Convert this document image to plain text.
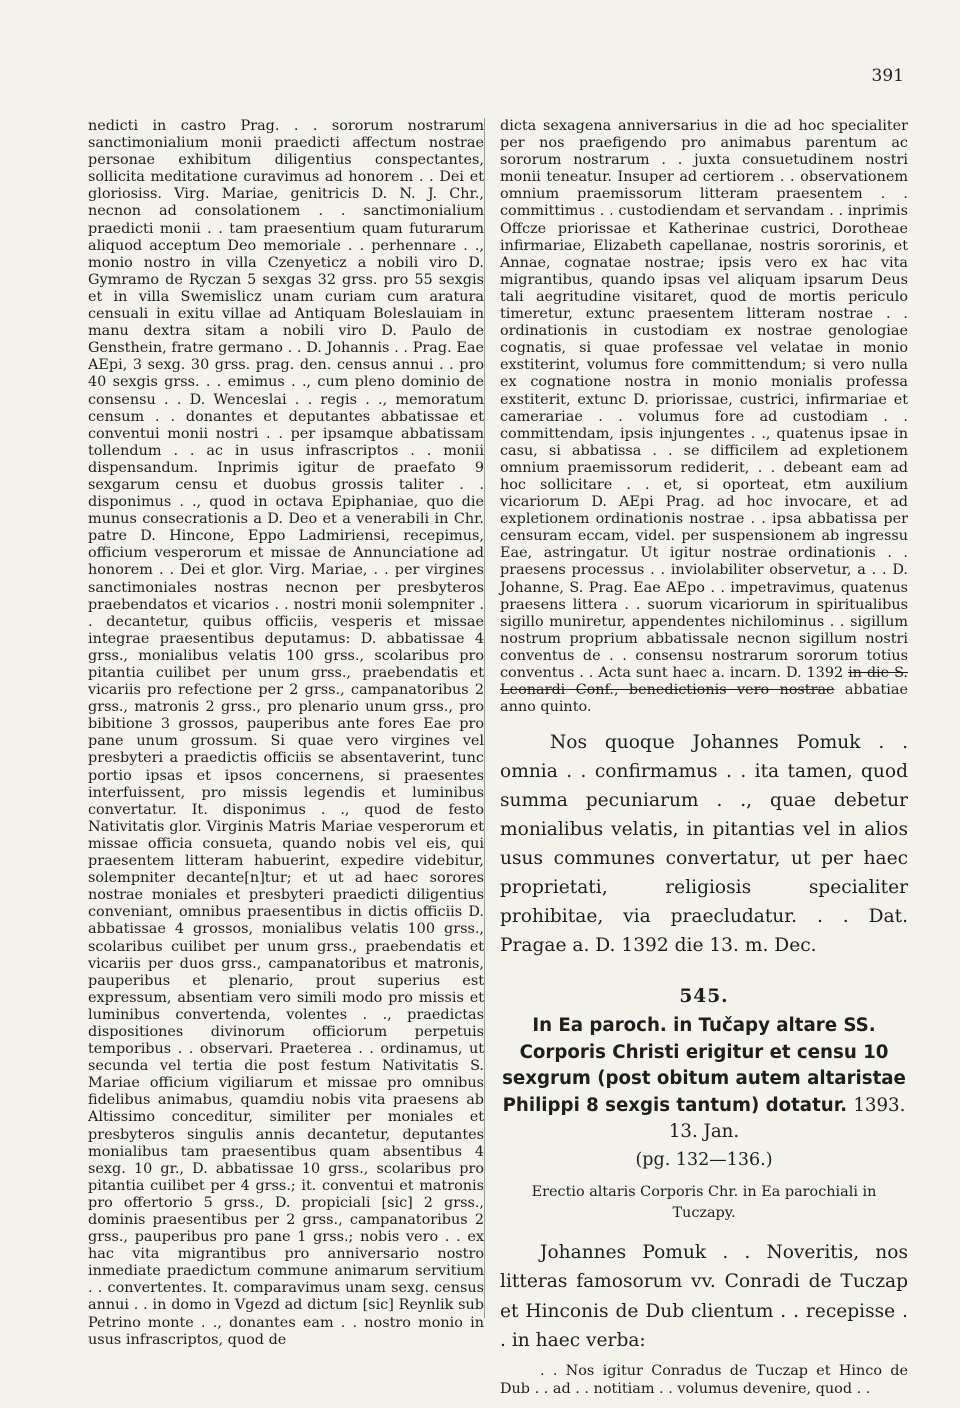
391

nedicti in castro Prag. . . sororum nostrarum sanctimonialium monii praedicti affectum nostrae personae exhibitum diligentius conspectantes, sollicita meditatione curavimus ad honorem . . Dei et gloriosiss. Virg. Mariae, genitricis D. N. J. Chr., necnon ad consolationem . . sanctimonialium praedicti monii . . tam praesentium quam futurarum aliquod acceptum Deo memoriale . . perhennare . ., monio nostro in villa Czenyeticz a nobili viro D. Gymramo de Ryczan 5 sexgas 32 grss. pro 55 sexgis et in villa Swemislicz unam curiam cum aratura censuali in exitu villae ad Antiquam Boleslauiam in manu dextra sitam a nobili viro D. Paulo de Gensthein, fratre germano . . D. Johannis . . Prag. Eae AEpi, 3 sexg. 30 grss. prag. den. census annui . . pro 40 sexgis grss. . . emimus . ., cum pleno dominio de consensu . . D. Wenceslai . . regis . ., memoratum censum . . donantes et deputantes abbatissae et conventui monii nostri . . per ipsamque abbatissam tollendum . . ac in usus infrascriptos . . monii dispensandum. Inprimis igitur de praefato 9 sexgarum censu et duobus grossis taliter . . disponimus . ., quod in octava Epiphaniae, quo die munus consecrationis a D. Deo et a venerabili in Chr. patre D. Hincone, Eppo Ladmiriensi, recepimus, officium vesperorum et missae de Annunciatione ad honorem . . Dei et glor. Virg. Mariae, . . per virgines sanctimoniales nostras necnon per presbyteros praebendatos et vicarios . . nostri monii solempniter . . decantetur, quibus officiis, vesperis et missae integrae praesentibus deputamus: D. abbatissae 4 grss., monialibus velatis 100 grss., scolaribus pro pitantia cuilibet per unum grss., praebendatis et vicariis pro refectione per 2 grss., campanatoribus 2 grss., matronis 2 grss., pro plenario unum grss., pro bibitione 3 grossos, pauperibus ante fores Eae pro pane unum grossum. Si quae vero virgines vel presbyteri a praedictis officiis se absentaverint, tunc portio ipsas et ipsos concernens, si praesentes interfuissent, pro missis legendis et luminibus convertatur. It. disponimus . ., quod de festo Nativitatis glor. Virginis Matris Mariae vesperorum et missae officia consueta, quando nobis vel eis, qui praesentem litteram habuerint, expedire videbitur, solempniter decante[n]tur; et ut ad haec sorores nostrae moniales et presbyteri praedicti diligentius conveniant, omnibus praesentibus in dictis officiis D. abbatissae 4 grossos, monialibus velatis 100 grss., scolaribus cuilibet per unum grss., praebendatis et vicariis per duos grss., campanatoribus et matronis, pauperibus et plenario, prout superius est expressum, absentiam vero simili modo pro missis et luminibus convertenda, volentes . ., praedictas dispositiones divinorum officiorum perpetuis temporibus . . observari. Praeterea . . ordinamus, ut secunda vel tertia die post festum Nativitatis S. Mariae officium vigiliarum et missae pro omnibus fidelibus animabus, quamdiu nobis vita praesens ab Altissimo conceditur, similiter per moniales et presbyteros singulis annis decantetur, deputantes monialibus tam praesentibus quam absentibus 4 sexg. 10 gr., D. abbatissae 10 grss., scolaribus pro pitantia cuilibet per 4 grss.; it. conventui et matronis pro offertorio 5 grss., D. propiciali [sic] 2 grss., dominis praesentibus per 2 grss., campanatoribus 2 grss., pauperibus pro pane 1 grss.; nobis vero . . ex hac vita migrantibus pro anniversario nostro inmediate praedictum commune animarum servitium . . convertentes. It. comparavimus unam sexg. census annui . . in domo in Vgezd ad dictum [sic] Reynlik sub Petrino monte . ., donantes eam . . nostro monio in usus infrascriptos, quod de

dicta sexagena anniversarius in die ad hoc specialiter per nos praefigendo pro animabus parentum ac sororum nostrarum . . juxta consuetudinem nostri monii teneatur. Insuper ad certiorem . . observationem omnium praemissorum litteram praesentem . . committimus . . custodiendam et servandam . . inprimis Offcze priorissae et Katherinae custrici, Dorotheae infirmariae, Elizabeth capellanae, nostris sororinis, et Annae, cognatae nostrae; ipsis vero ex hac vita migrantibus, quando ipsas vel aliquam ipsarum Deus tali aegritudine visitaret, quod de mortis periculo timeretur, extunc praesentem litteram nostrae . . ordinationis in custodiam ex nostrae genologiae cognatis, si quae professae vel velatae in monio exstiterint, volumus fore committendum; si vero nulla ex cognatione nostra in monio monialis professa exstiterit, extunc D. priorissae, custrici, infirmariae et camerariae . . volumus fore ad custodiam . . committendam, ipsis injungentes . ., quatenus ipsae in casu, si abbatissa . . se difficilem ad expletionem omnium praemissorum rediderit, . . debeant eam ad hoc sollicitare . . et, si oporteat, etm auxilium vicariorum D. AEpi Prag. ad hoc invocare, et ad expletionem ordinationis nostrae . . ipsa abbatissa per censuram eccam, videl. per suspensionem ab ingressu Eae, astringatur. Ut igitur nostrae ordinationis . . praesens processus . . inviolabiliter observetur, a . . D. Johanne, S. Prag. Eae AEpo . . impetravimus, quatenus praesens littera . . suorum vicariorum in spiritualibus sigillo muniretur, appendentes nichilominus . . sigillum nostrum proprium abbatissale necnon sigillum nostri conventus de . . consensu nostrarum sororum totius conventus . . Acta sunt haec a. incarn. D. 1392 in die S. Leonardi Conf., benedictionis vero nostrae abbatiae anno quinto.

Nos quoque Johannes Pomuk . . omnia . . confirmamus . . ita tamen, quod summa pecuniarum . ., quae debetur monialibus velatis, in pitantias vel in alios usus communes convertatur, ut per haec proprietati, religiosis specialiter prohibitae, via praecludatur. . . Dat. Pragae a. D. 1392 die 13. m. Dec.

545.

In Ea paroch. in Tučapy altare SS. Corporis Christi erigitur et censu 10 sexgrum (post obitum autem altaristae Philippi 8 sexgis tantum) dotatur. 1393. 13. Jan.

(pg. 132—136.)

Erectio altaris Corporis Chr. in Ea parochiali in Tuczapy.

Johannes Pomuk . . Noveritis, nos litteras famosorum vv. Conradi de Tuczap et Hinconis de Dub clientum . . recepisse . . in haec verba:

. . Nos igitur Conradus de Tuczap et Hinco de Dub . . ad . . notitiam . . volumus devenire, quod . .
